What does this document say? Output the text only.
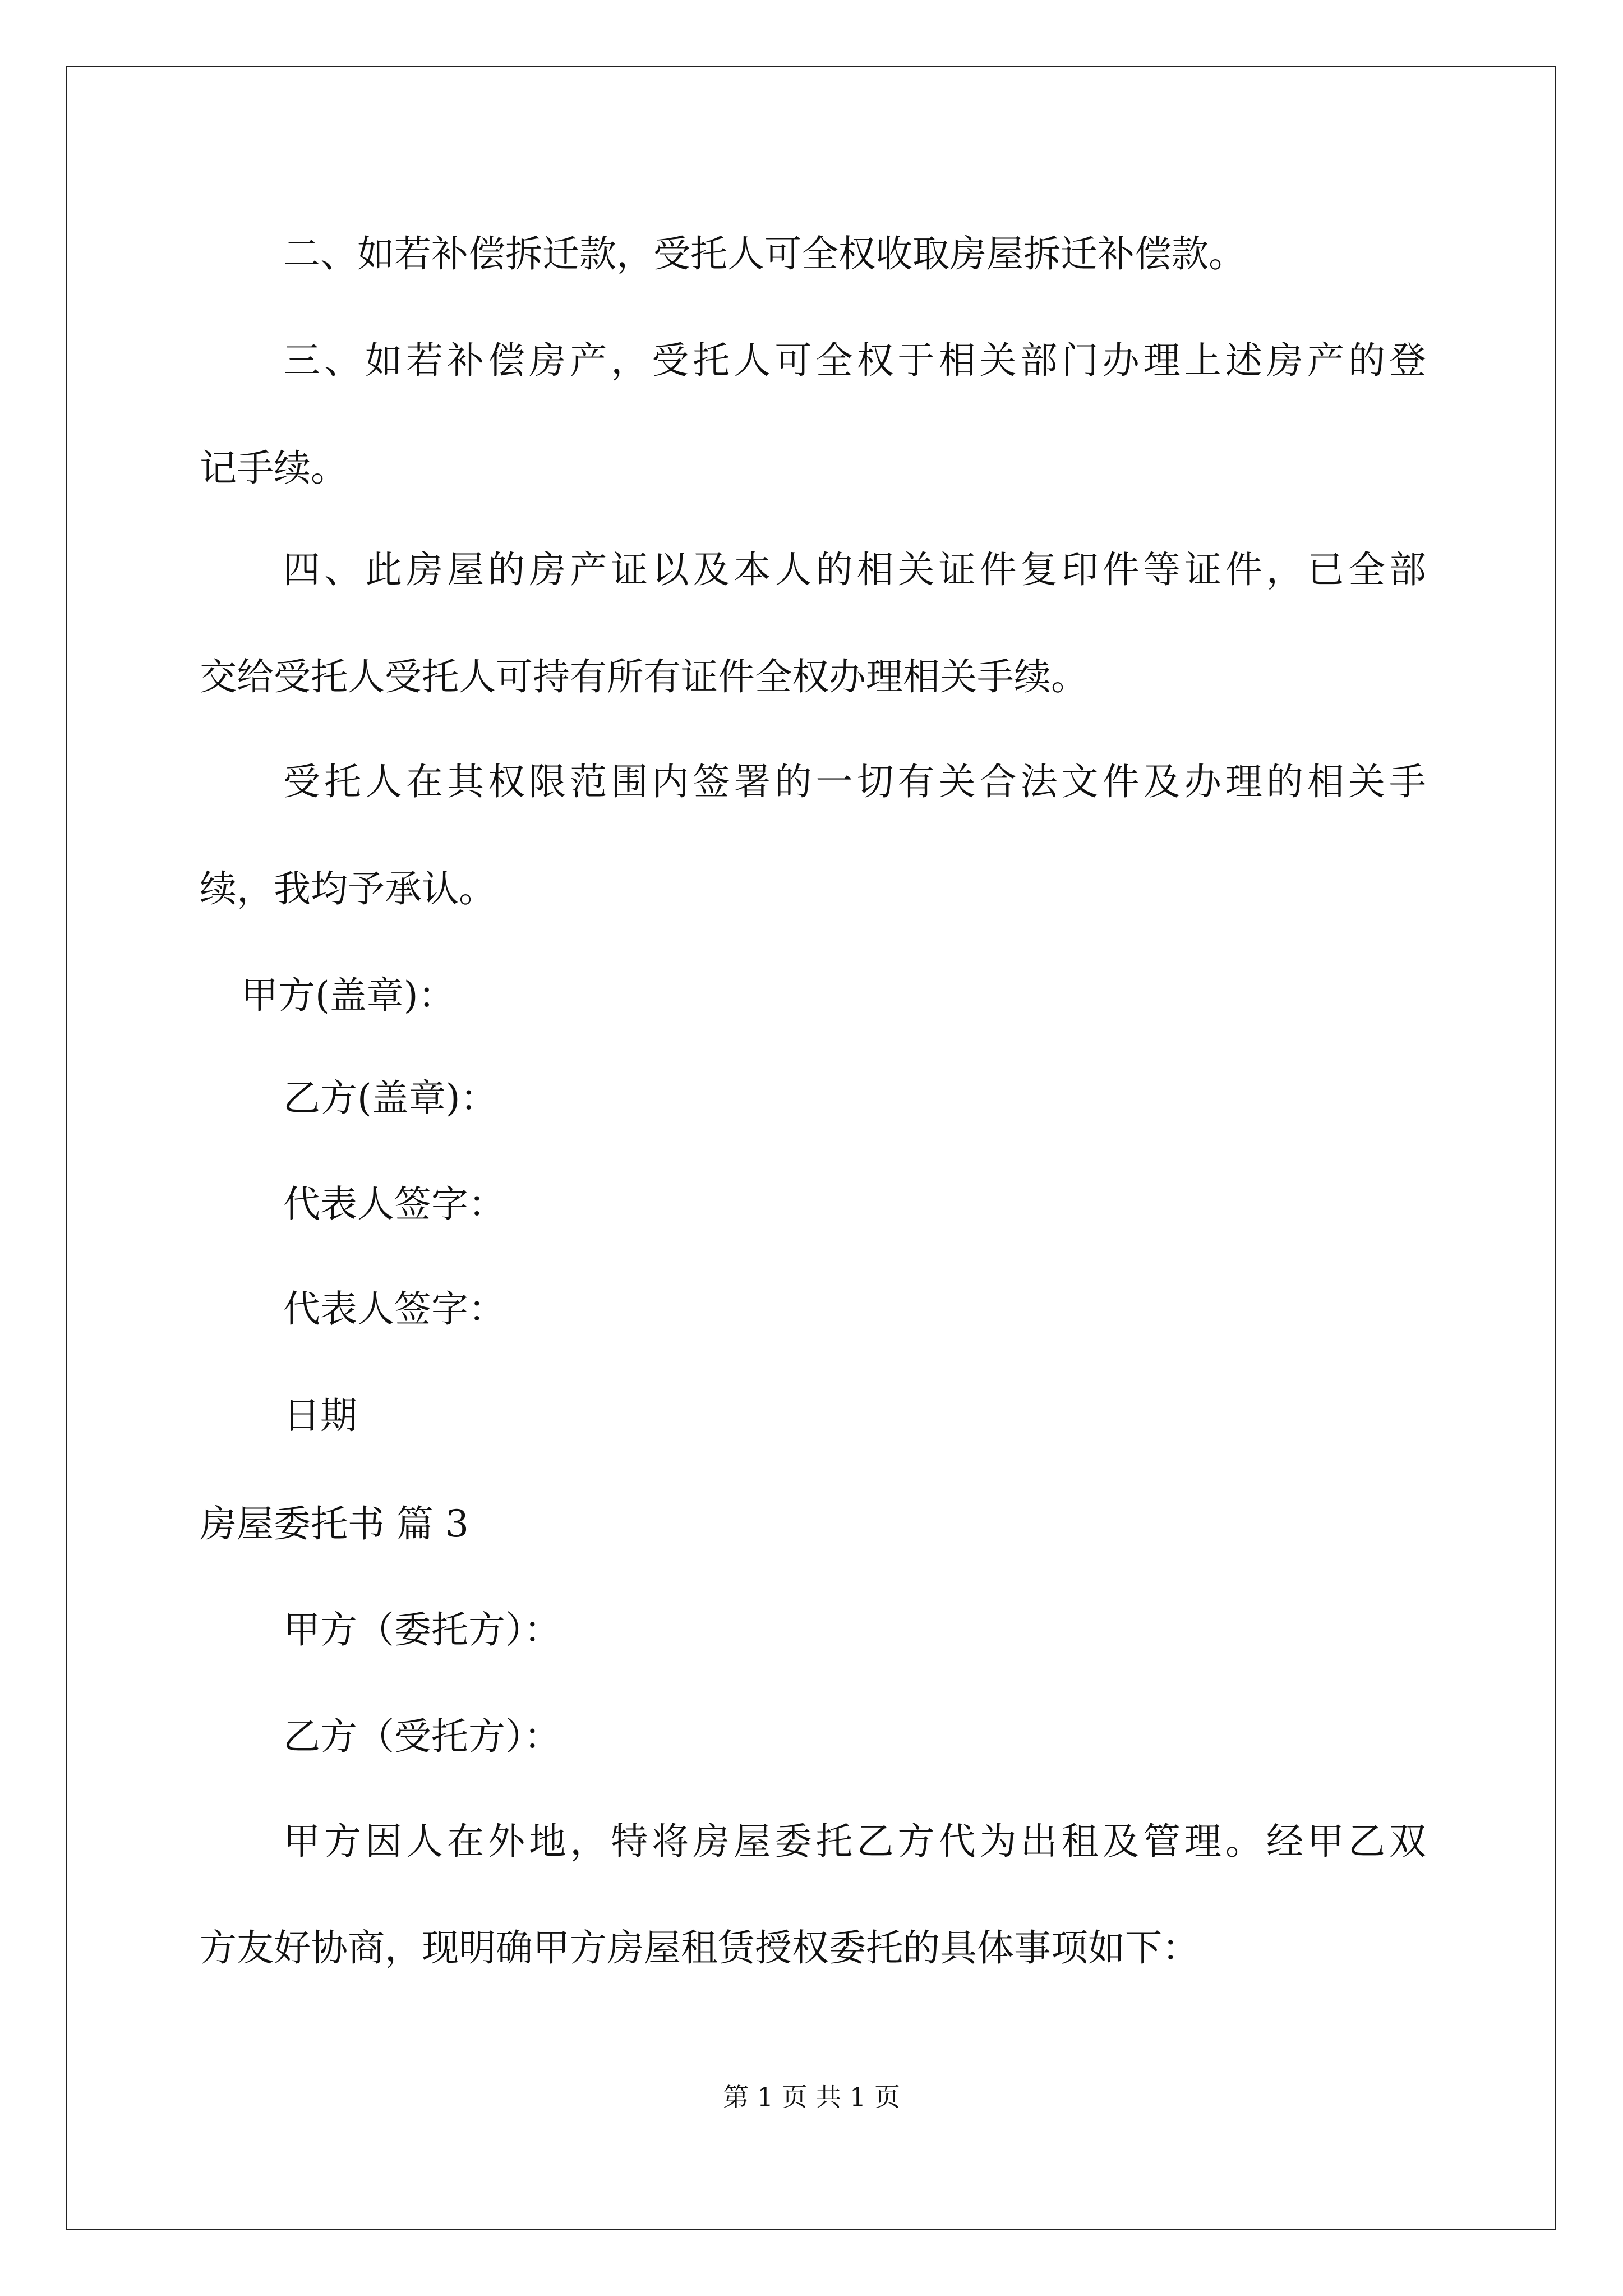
二、如若补偿拆迁款，受托人可全权收取房屋拆迁补偿款。
三、如若补偿房产，受托人可全权于相关部门办理上述房产的登
记手续。
四、此房屋的房产证以及本人的相关证件复印件等证件，已全部
交给受托人受托人可持有所有证件全权办理相关手续。
受托人在其权限范围内签署的一切有关合法文件及办理的相关手
续，我均予承认。
甲方(盖章)：
乙方(盖章)：
代表人签字：
代表人签字：
日期
房屋委托书 篇 3
甲方（委托方）：
乙方（受托方）：
甲方因人在外地，特将房屋委托乙方代为出租及管理。经甲乙双
方友好协商，现明确甲方房屋租赁授权委托的具体事项如下：
第 1 页 共 1 页
